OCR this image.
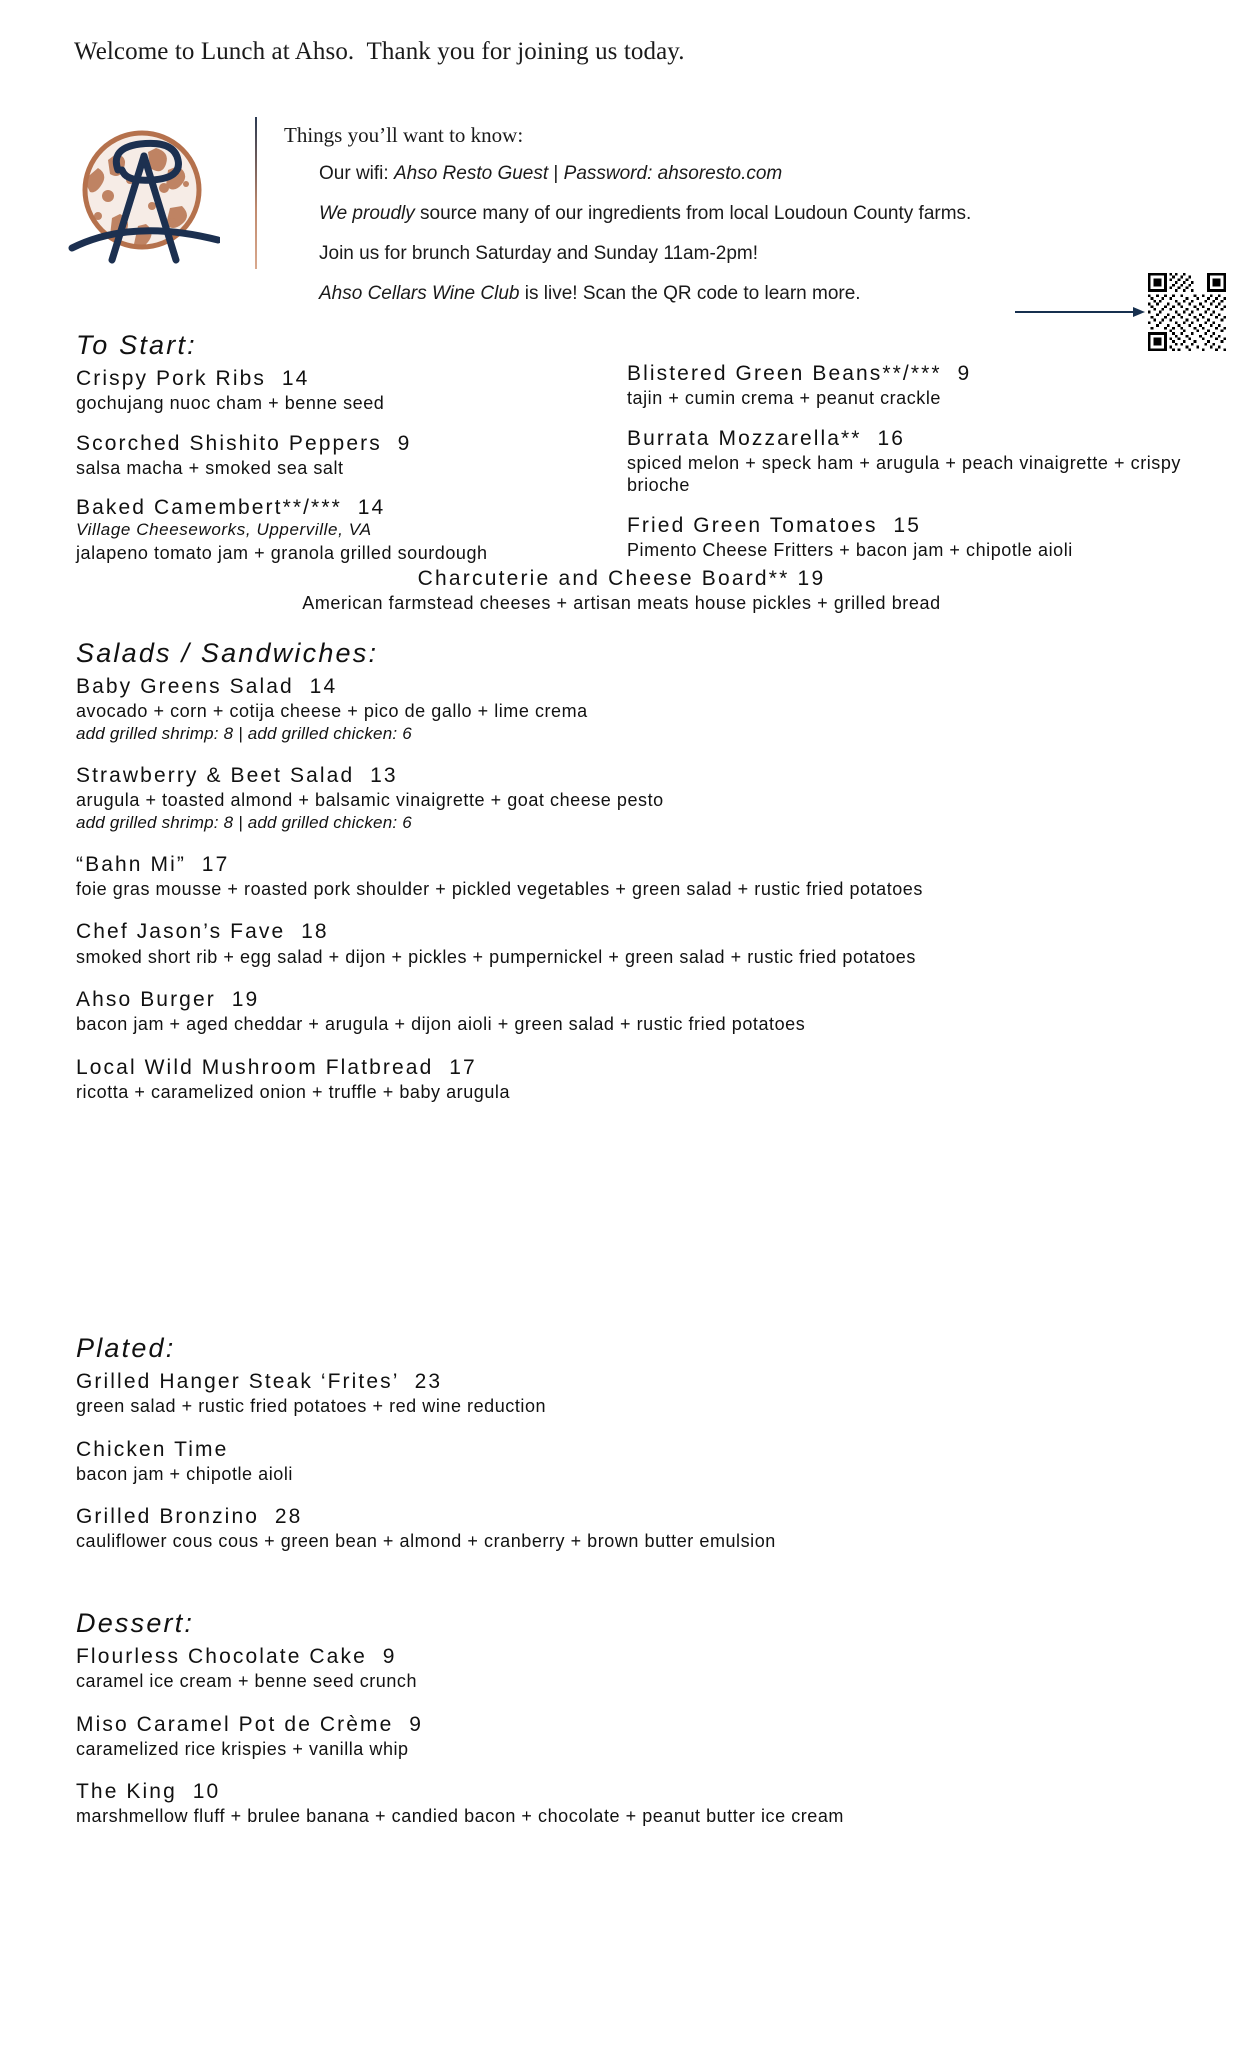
Welcome to Lunch at Ahso.  Thank you for joining us today.
Things you’ll want to know:
Our wifi: Ahso Resto Guest | Password: ahsoresto.com
We proudly source many of our ingredients from local Loudoun County farms.
Join us for brunch Saturday and Sunday 11am-2pm!
Ahso Cellars Wine Club is live! Scan the QR code to learn more.
To Start:
Crispy Pork Ribs  14
gochujang nuoc cham + benne seed
Scorched Shishito Peppers  9
salsa macha + smoked sea salt
Baked Camembert**/***  14
Village Cheeseworks, Upperville, VA
jalapeno tomato jam + granola grilled sourdough
Blistered Green Beans**/***  9
tajin + cumin crema + peanut crackle
Burrata Mozzarella**  16
spiced melon + speck ham + arugula + peach vinaigrette + crispy brioche
Fried Green Tomatoes  15
Pimento Cheese Fritters + bacon jam + chipotle aioli
Charcuterie and Cheese Board** 19
American farmstead cheeses + artisan meats house pickles + grilled bread
Salads / Sandwiches:
Baby Greens Salad  14
avocado + corn + cotija cheese + pico de gallo + lime crema
add grilled shrimp: 8 | add grilled chicken: 6
Strawberry & Beet Salad  13
arugula + toasted almond + balsamic vinaigrette + goat cheese pesto
add grilled shrimp: 8 | add grilled chicken: 6
“Bahn Mi”  17
foie gras mousse + roasted pork shoulder + pickled vegetables + green salad + rustic fried potatoes
Chef Jason’s Fave  18
smoked short rib + egg salad + dijon + pickles + pumpernickel + green salad + rustic fried potatoes
Ahso Burger  19
bacon jam + aged cheddar + arugula + dijon aioli + green salad + rustic fried potatoes
Local Wild Mushroom Flatbread  17
ricotta + caramelized onion + truffle + baby arugula
Plated:
Grilled Hanger Steak ‘Frites’  23
green salad + rustic fried potatoes + red wine reduction
Chicken Time
bacon jam + chipotle aioli
Grilled Bronzino  28
cauliflower cous cous + green bean + almond + cranberry + brown butter emulsion
Dessert:
Flourless Chocolate Cake  9
caramel ice cream + benne seed crunch
Miso Caramel Pot de Crème  9
caramelized rice krispies + vanilla whip
The King  10
marshmellow fluff + brulee banana + candied bacon + chocolate + peanut butter ice cream
